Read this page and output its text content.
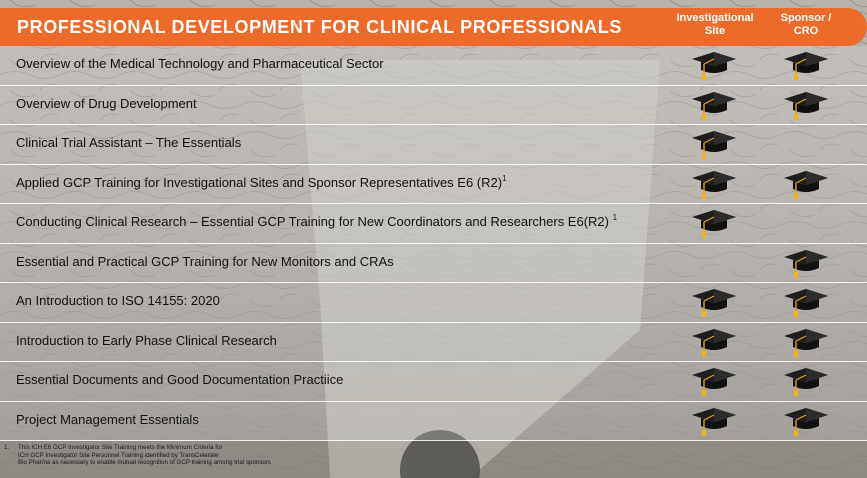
PROFESSIONAL DEVELOPMENT FOR CLINICAL PROFESSIONALS	Investigational
Site
Sponsor /
CRO
Overview of the Medical Technology and Pharmaceutical Sector
Overview of Drug Development
Clinical Trial Assistant – The Essentials
Applied GCP Training for Investigational Sites and Sponsor Representatives E6 (R2)$^1$
Conducting Clinical Research – Essential GCP Training for New Coordinators and Researchers E6(R2) $^1$
Essential and Practical GCP Training for New Monitors and CRAs
An Introduction to ISO 14155: 2020
Introduction to Early Phase Clinical Research
Essential Documents and Good Documentation Practiice
Project Management Essentials
1. This ICH E6 GCP Investigator Site Training meets the Minimum Criteria for
ICH GCP Investigator Site Personnel Training identified by TransCelerate
Bio Pharma as necessary to enable mutual recognition of GCP training among trial sponsors
